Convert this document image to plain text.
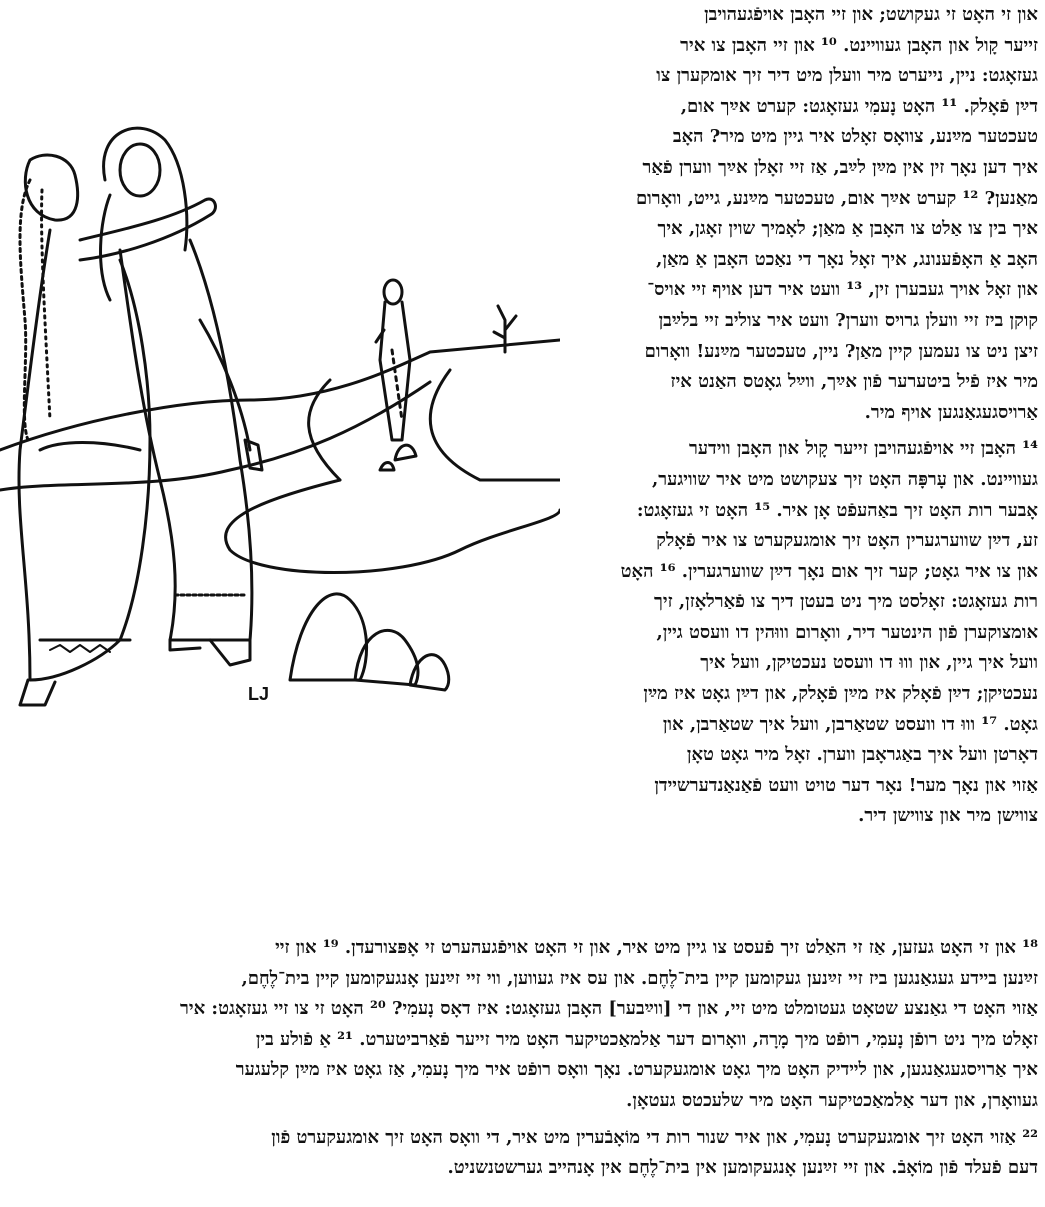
LJ
און זי האָט זי געקושט; און זיי האָבן אויפֿגעהויבן
זייער קָול און האָבן געוויינט. ¹⁰ און זיי האָבן צו איר
געזאָגט: ניין, נייערט מיר וועלן מיט דיר זיך אומקערן צו
דײַן פֿאָלק. ¹¹ האָט נָעמִי געזאָגט: קערט אײַך אום,
טעכטער מײַנע, צוואָס זאָלט איר גיין מיט מיר? האָב
איך דען נאָך זין אין מײַן לײַב, אַז זיי זאָלן אײַך ווערן פֿאַר
מאַנען? ¹² קערט אײַך אום, טעכטער מײַנע, גייט, וואָרום
איך בין צו אַלט צו האָבן אַ מאַן; לאָמיך שוין זאָגן, איך
האָב אַ האָפֿענונג, איך זאָל נאָך די נאַכט האָבן אַ מאַן,
און זאָל אויך געבערן זין, ¹³ וועט איר דען אויף זיי אויס־
קוקן ביז זיי וועלן גרויס ווערן? וועט איר צוליב זיי בלײַבן
זיצן ניט צו נעמען קיין מאַן? ניין, טעכטער מײַנע! וואָרום
מיר איז פֿיל ביטערער פֿון אײַך, ווײַל גאָטס האַנט איז
אַרויסגעגאַנגען אויף מיר.
¹⁴ האָבן זיי אויפֿגעהויבן זייער קָול און האָבן ווידער
געוויינט. און עָרפָּה האָט זיך צעקושט מיט איר שוויגער,
אָבער רות האָט זיך באַהעפֿט אָן איר. ¹⁵ האָט זי געזאָגט:
זע, דײַן שווערגערין האָט זיך אומגעקערט צו איר פֿאָלק
און צו איר גאָט; קער זיך אום נאָך דײַן שווערגערין. ¹⁶ האָט
רות געזאָגט: זאָלסט מיך ניט בעטן דיך צו פֿאַרלאָזן, זיך
אומצוקערן פֿון הינטער דיר, וואָרום וווּהין דו וועסט גיין,
וועל איך גיין, און וווּ דו וועסט נעכטיקן, וועל איך
נעכטיקן; דײַן פֿאָלק איז מײַן פֿאָלק, און דײַן גאָט איז מײַן
גאָט. ¹⁷ וווּ דו וועסט שטאַרבן, וועל איך שטאַרבן, און
דאָרטן וועל איך באַגראָבן ווערן. זאָל מיר גאָט טאָן
אַזוי און נאָך מער! נאָר דער טויט וועט פֿאַנאַנדערשיידן
צווישן מיר און צווישן דיר.
¹⁸ און זי האָט געזען, אַז זי האַלט זיך פֿעסט צו גיין מיט איר, און זי האָט אויפֿגעהערט זי אָפּצורעדן. ¹⁹ און זיי
זײַנען בײדע געגאַנגען ביז זיי זײַנען געקומען קיין בית־לֶחֶם. און עס איז געווען, ווי זיי זײַנען אָנגעקומען קיין בית־לֶחֶם,
אַזוי האָט די גאַנצע שטאָט געטומלט מיט זיי, און די [ווײַבער] האָבן געזאָגט: איז דאָס נָעמִי? ²⁰ האָט זי צו זיי געזאָגט: איר
זאָלט מיך ניט רופֿן נָעמִי, רופֿט מיך מָרָה, וואָרום דער אַלמאַכטיקער האָט מיר זייער פֿאַרביטערט. ²¹ אַ פֿולע בין
איך אַרויסגעגאַנגען, און לײדיק האָט מיך גאָט אומגעקערט. נאָך וואָס רופֿט איר מיך נָעמִי, אַז גאָט איז מײַן קלעגער
געוואָרן, און דער אַלמאַכטיקער האָט מיר שלעכטס געטאָן.
²² אַזוי האָט זיך אומגעקערט נָעמִי, און איר שנור רות די מוֹאָבֿערין מיט איר, די וואָס האָט זיך אומגעקערט פֿון
דעם פֿעלד פֿון מוֹאָבֿ. און זיי זײַנען אָנגעקומען אין בית־לֶחֶם אין אָנהייב גערשטנשניט.
